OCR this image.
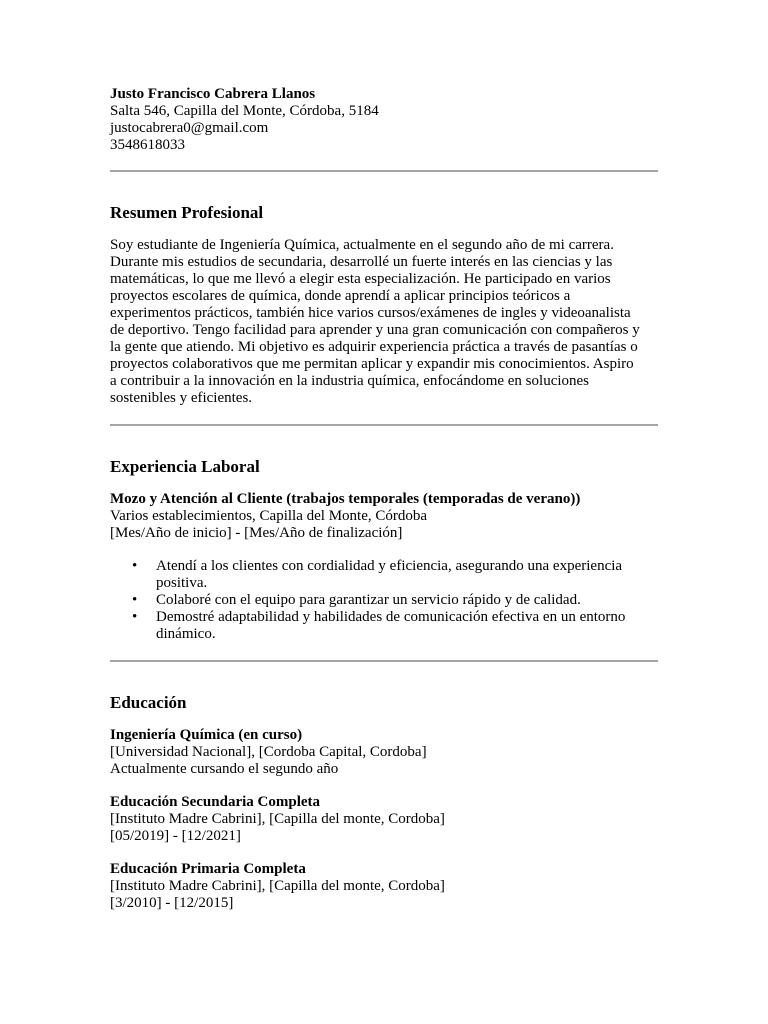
Justo Francisco Cabrera Llanos

Salta 546, Capilla del Monte, Córdoba, 5184

justocabrera0@gmail.com

3548618033

Resumen Profesional
Soy estudiante de Ingeniería Química, actualmente en el segundo año de mi carrera.
Durante mis estudios de secundaria, desarrollé un fuerte interés en las ciencias y las
matemáticas, lo que me llevó a elegir esta especialización. He participado en varios
proyectos escolares de química, donde aprendí a aplicar principios teóricos a
experimentos prácticos, también hice varios cursos/exámenes de ingles y videoanalista
de deportivo. Tengo facilidad para aprender y una gran comunicación con compañeros y
la gente que atiendo. Mi objetivo es adquirir experiencia práctica a través de pasantías o
proyectos colaborativos que me permitan aplicar y expandir mis conocimientos. Aspiro
a contribuir a la innovación en la industria química, enfocándome en soluciones
sostenibles y eficientes.
Experiencia Laboral

Mozo y Atención al Cliente (trabajos temporales (temporadas de verano))

Varios establecimientos, Capilla del Monte, Córdoba

[Mes/Año de inicio] - [Mes/Año de finalización]

• Atendí a los clientes con cordialidad y eficiencia, asegurando una experiencia
positiva.
• Colaboré con el equipo para garantizar un servicio rápido y de calidad.
• Demostré adaptabilidad y habilidades de comunicación efectiva en un entorno
dinámico.
Educación

Ingeniería Química (en curso)

[Universidad Nacional], [Cordoba Capital, Cordoba]

Actualmente cursando el segundo año

Educación Secundaria Completa

[Instituto Madre Cabrini], [Capilla del monte, Cordoba]

[05/2019] - [12/2021]

Educación Primaria Completa

[Instituto Madre Cabrini], [Capilla del monte, Cordoba]

[3/2010] - [12/2015]
